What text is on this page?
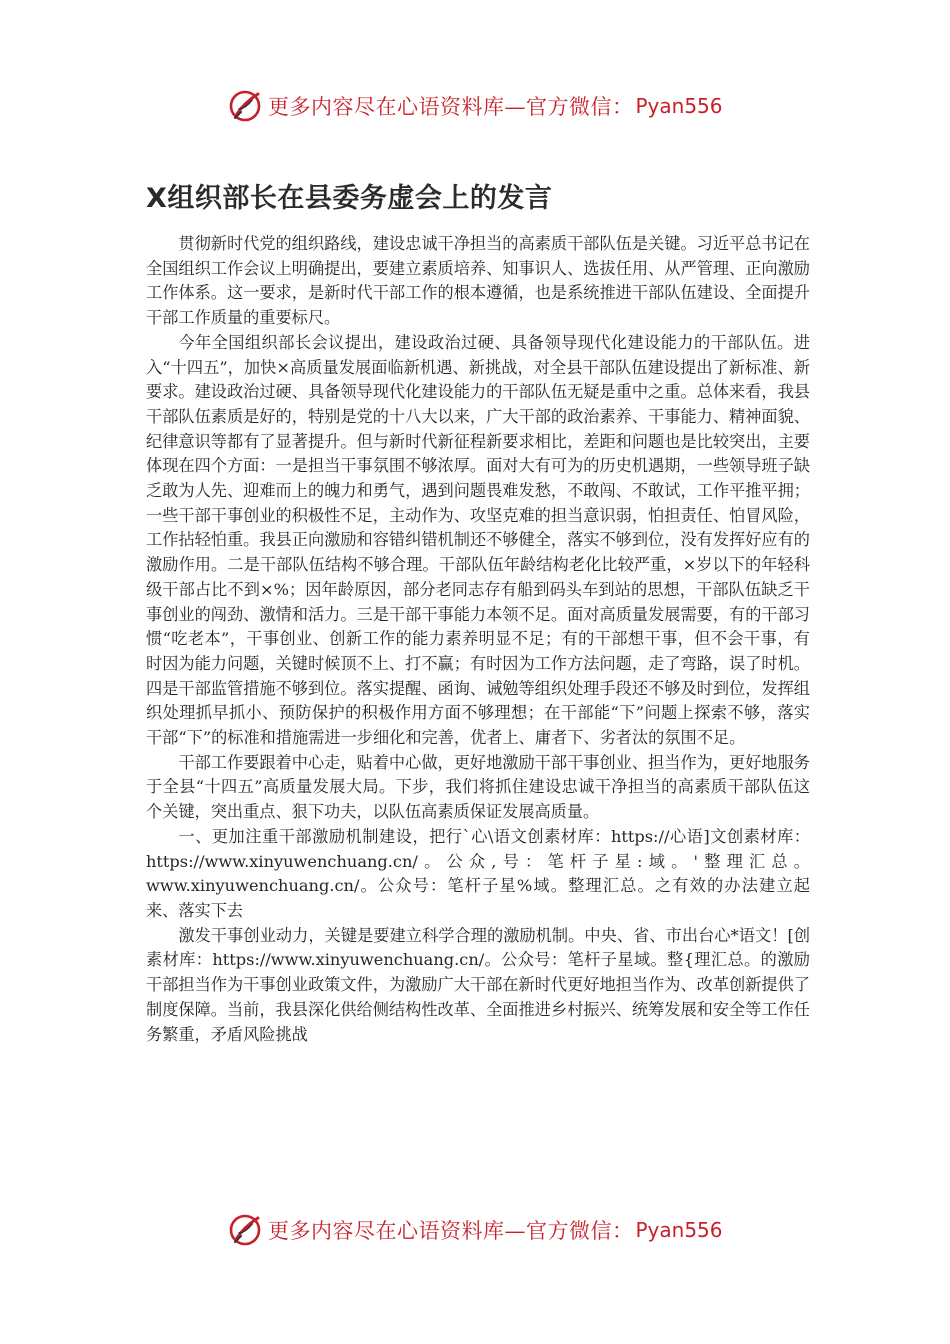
更多内容尽在心语资料库—官方微信： Pyan556
X组织部长在县委务虚会上的发言

贯彻新时代党的组织路线，建设忠诚干净担当的高素质干部队伍是关键。习近平总书记在全国组织工作会议上明确提出，要建立素质培养、知事识人、选拔任用、从严管理、正向激励工作体系。这一要求，是新时代干部工作的根本遵循，也是系统推进干部队伍建设、全面提升干部工作质量的重要标尺。

今年全国组织部长会议提出，建设政治过硬、具备领导现代化建设能力的干部队伍。进入“十四五”，加快×高质量发展面临新机遇、新挑战，对全县干部队伍建设提出了新标准、新要求。建设政治过硬、具备领导现代化建设能力的干部队伍无疑是重中之重。总体来看，我县干部队伍素质是好的，特别是党的十八大以来，广大干部的政治素养、干事能力、精神面貌、纪律意识等都有了显著提升。但与新时代新征程新要求相比，差距和问题也是比较突出，主要体现在四个方面：一是担当干事氛围不够浓厚。面对大有可为的历史机遇期，一些领导班子缺乏敢为人先、迎难而上的魄力和勇气，遇到问题畏难发愁，不敢闯、不敢试，工作平推平拥；一些干部干事创业的积极性不足，主动作为、攻坚克难的担当意识弱，怕担责任、怕冒风险，工作拈轻怕重。我县正向激励和容错纠错机制还不够健全，落实不够到位，没有发挥好应有的激励作用。二是干部队伍结构不够合理。干部队伍年龄结构老化比较严重，×岁以下的年轻科级干部占比不到×%；因年龄原因，部分老同志存有船到码头车到站的思想，干部队伍缺乏干事创业的闯劲、激情和活力。三是干部干事能力本领不足。面对高质量发展需要，有的干部习惯“吃老本”，干事创业、创新工作的能力素养明显不足；有的干部想干事，但不会干事，有时因为能力问题，关键时候顶不上、打不赢；有时因为工作方法问题，走了弯路，误了时机。四是干部监管措施不够到位。落实提醒、函询、诫勉等组织处理手段还不够及时到位，发挥组织处理抓早抓小、预防保护的积极作用方面不够理想；在干部能“下”问题上探索不够，落实干部“下”的标准和措施需进一步细化和完善，优者上、庸者下、劣者汰的氛围不足。

干部工作要跟着中心走，贴着中心做，更好地激励干部干事创业、担当作为，更好地服务于全县“十四五”高质量发展大局。下步，我们将抓住建设忠诚干净担当的高素质干部队伍这个关键，突出重点、狠下功夫，以队伍高素质保证发展高质量。

一、更加注重干部激励机制建设，把行`心\语文创素材库：https://心语]文创素材库：https://www.xinyuwenchuang.cn/。公众,号：笔杆子星:域。'整理汇总。www.xinyuwenchuang.cn/。公众号：笔杆子星%域。整理汇总。之有效的办法建立起来、落实下去

激发干事创业动力，关键是要建立科学合理的激励机制。中央、省、市出台心*语文！[创素材库：https://www.xinyuwenchuang.cn/。公众号：笔杆子星域。整{理汇总。的激励干部担当作为干事创业政策文件，为激励广大干部在新时代更好地担当作为、改革创新提供了制度保障。当前，我县深化供给侧结构性改革、全面推进乡村振兴、统筹发展和安全等工作任务繁重，矛盾风险挑战

更多内容尽在心语资料库—官方微信： Pyan556
